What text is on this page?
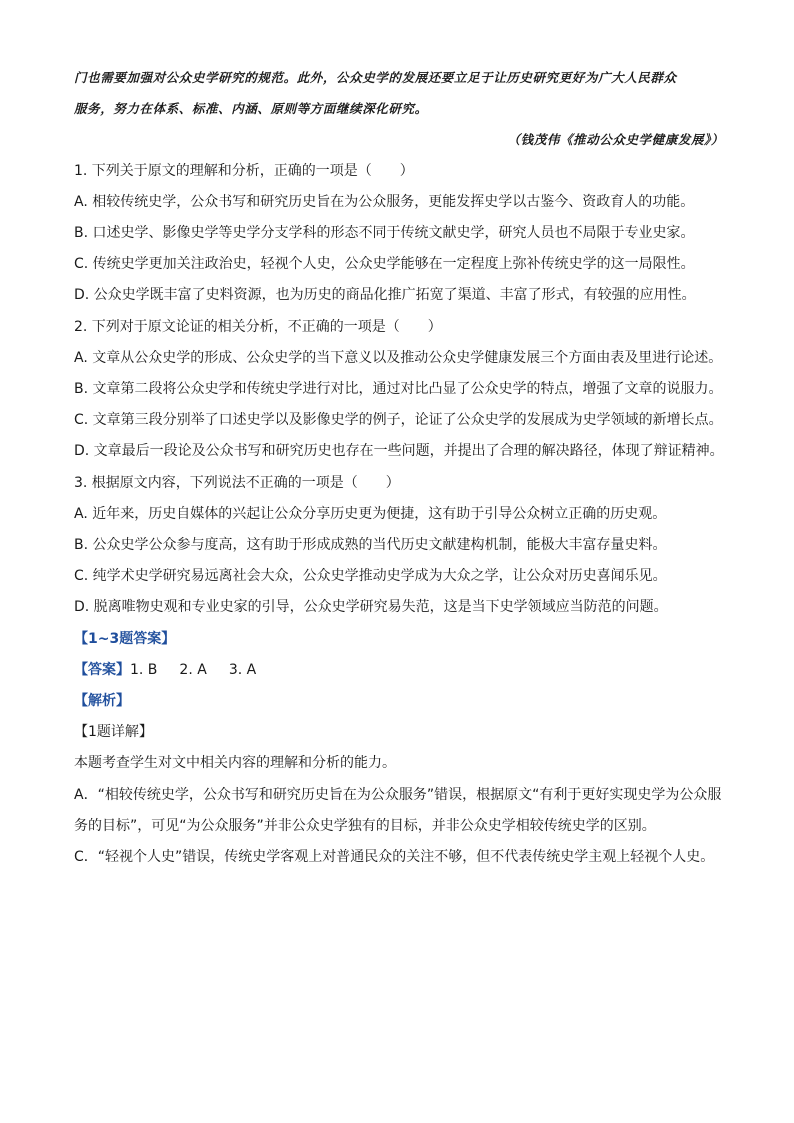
门也需要加强对公众史学研究的规范。此外，公众史学的发展还要立足于让历史研究更好为广大人民群众
服务，努力在体系、标准、内涵、原则等方面继续深化研究。
（钱茂伟《推动公众史学健康发展》）
1. 下列关于原文的理解和分析，正确的一项是（　　）
A. 相较传统史学，公众书写和研究历史旨在为公众服务，更能发挥史学以古鉴今、资政育人的功能。
B. 口述史学、影像史学等史学分支学科的形态不同于传统文献史学，研究人员也不局限于专业史家。
C. 传统史学更加关注政治史，轻视个人史，公众史学能够在一定程度上弥补传统史学的这一局限性。
D. 公众史学既丰富了史料资源，也为历史的商品化推广拓宽了渠道、丰富了形式，有较强的应用性。
2. 下列对于原文论证的相关分析，不正确的一项是（　　）
A. 文章从公众史学的形成、公众史学的当下意义以及推动公众史学健康发展三个方面由表及里进行论述。
B. 文章第二段将公众史学和传统史学进行对比，通过对比凸显了公众史学的特点，增强了文章的说服力。
C. 文章第三段分别举了口述史学以及影像史学的例子，论证了公众史学的发展成为史学领域的新增长点。
D. 文章最后一段论及公众书写和研究历史也存在一些问题，并提出了合理的解决路径，体现了辩证精神。
3. 根据原文内容，下列说法不正确的一项是（　　）
A. 近年来，历史自媒体的兴起让公众分享历史更为便捷，这有助于引导公众树立正确的历史观。
B. 公众史学公众参与度高，这有助于形成成熟的当代历史文献建构机制，能极大丰富存量史料。
C. 纯学术史学研究易远离社会大众，公众史学推动史学成为大众之学，让公众对历史喜闻乐见。
D. 脱离唯物史观和专业史家的引导，公众史学研究易失范，这是当下史学领域应当防范的问题。
【1~3题答案】
【答案】1. B 2. A 3. A
【解析】
【1题详解】
本题考查学生对文中相关内容的理解和分析的能力。
A．“相较传统史学，公众书写和研究历史旨在为公众服务”错误，根据原文“有利于更好实现史学为公众服务的目标”，可见“为公众服务”并非公众史学独有的目标，并非公众史学相较传统史学的区别。
C．“轻视个人史”错误，传统史学客观上对普通民众的关注不够，但不代表传统史学主观上轻视个人史。
